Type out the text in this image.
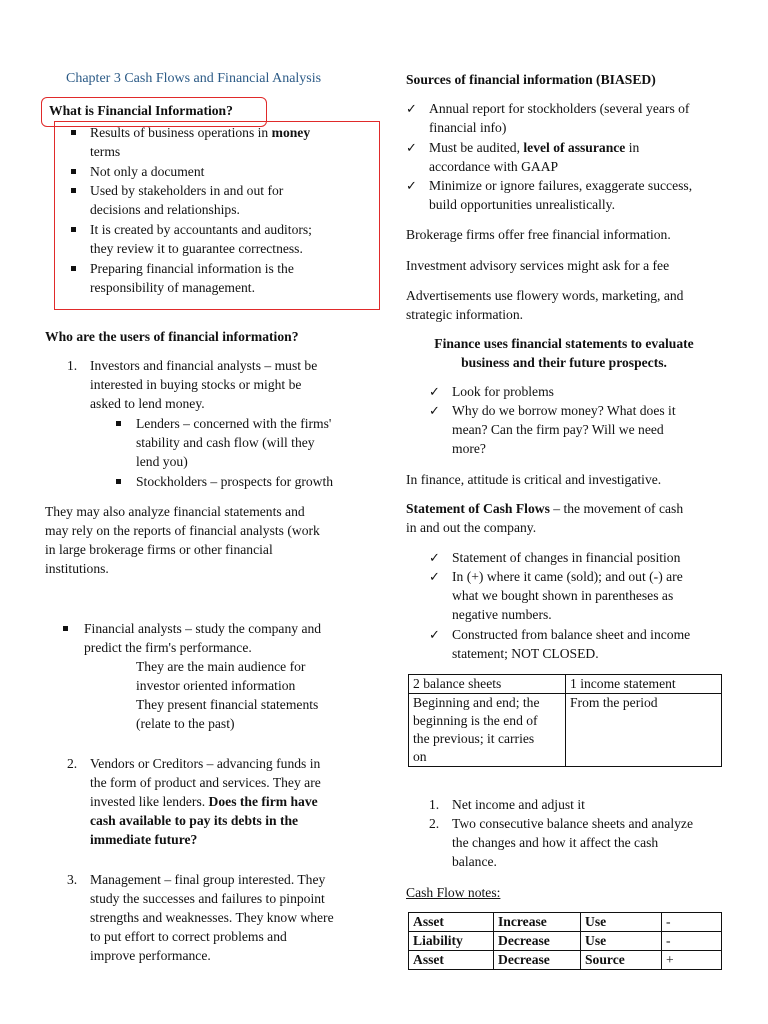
Chapter 3 Cash Flows and Financial Analysis
What is Financial Information?
Results of business operations in money
terms
Not only a document
Used by stakeholders in and out for
decisions and relationships.
It is created by accountants and auditors;
they review it to guarantee correctness.
Preparing financial information is the
responsibility of management.
Who are the users of financial information?
1. Investors and financial analysts – must be
interested in buying stocks or might be
asked to lend money.
Lenders – concerned with the firms'
stability and cash flow (will they
lend you)
Stockholders – prospects for growth
They may also analyze financial statements and
may rely on the reports of financial analysts (work
in large brokerage firms or other financial
institutions.
Financial analysts – study the company and
predict the firm's performance.
They are the main audience for
investor oriented information
They present financial statements
(relate to the past)
2. Vendors or Creditors – advancing funds in
the form of product and services. They are
invested like lenders. Does the firm have
cash available to pay its debts in the
immediate future?
3. Management – final group interested. They
study the successes and failures to pinpoint
strengths and weaknesses. They know where
to put effort to correct problems and
improve performance.
Sources of financial information (BIASED)
✓ Annual report for stockholders (several years of
financial info)
✓ Must be audited, level of assurance in
accordance with GAAP
✓ Minimize or ignore failures, exaggerate success,
build opportunities unrealistically.
Brokerage firms offer free financial information.
Investment advisory services might ask for a fee
Advertisements use flowery words, marketing, and
strategic information.
Finance uses financial statements to evaluate
business and their future prospects.
✓ Look for problems
✓ Why do we borrow money? What does it
mean? Can the firm pay? Will we need
more?
In finance, attitude is critical and investigative.
Statement of Cash Flows – the movement of cash
in and out the company.
✓ Statement of changes in financial position
✓ In (+) where it came (sold); and out (-) are
what we bought shown in parentheses as
negative numbers.
✓ Constructed from balance sheet and income
statement; NOT CLOSED.
2 balance sheets	1 income statement
Beginning and end; the
beginning is the end of
the previous; it carries
on	From the period
1. Net income and adjust it
2. Two consecutive balance sheets and analyze
the changes and how it affect the cash
balance.
Cash Flow notes:
Asset	Increase	Use	-
Liability	Decrease	Use	-
Asset	Decrease	Source	+
